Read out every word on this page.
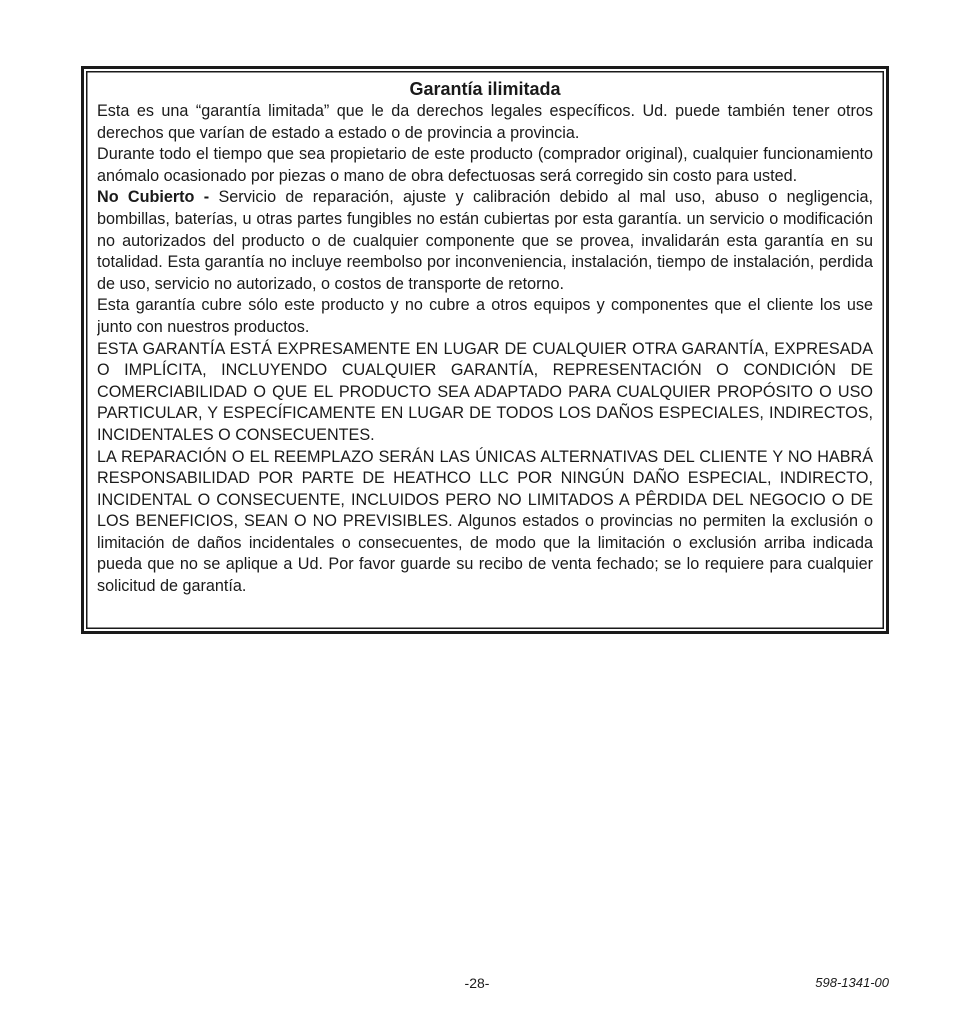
Garantía ilimitada

Esta es una “garantía limitada” que le da derechos legales específicos. Ud. puede también tener otros derechos que varían de estado a estado o de provincia a provincia.

Durante todo el tiempo que sea propietario de este producto (comprador original), cualquier funcionamiento anómalo ocasionado por piezas o mano de obra defectuosas será corregido sin costo para usted.

No Cubierto - Servicio de reparación, ajuste y calibración debido al mal uso, abuso o negligencia, bombillas, baterías, u otras partes fungibles no están cubiertas por esta garantía. un servicio o modificación no autorizados del producto o de cualquier componente que se provea, invalidarán esta garantía en su totalidad. Esta garantía no incluye reembolso por inconveniencia, instalación, tiempo de instalación, perdida de uso, servicio no autorizado, o costos de transporte de retorno.

Esta garantía cubre sólo este producto y no cubre a otros equipos y componentes que el cliente los use junto con nuestros productos.

ESTA GARANTÍA ESTÁ EXPRESAMENTE EN LUGAR DE CUALQUIER OTRA GARANTÍA, EXPRESADA O IMPLÍCITA, INCLUYENDO CUALQUIER GARANTÍA, REPRESENTACIÓN O CONDICIÓN DE COMERCIABILIDAD O QUE EL PRODUCTO SEA ADAPTADO PARA CUALQUIER PROPÓSITO O USO PARTICULAR, Y ESPECÍFICAMENTE EN LUGAR DE TODOS LOS DAÑOS ESPECIALES, INDIRECTOS, INCIDENTALES O CONSECUENTES.

LA REPARACIÓN O EL REEMPLAZO SERÁN LAS ÚNICAS ALTERNATIVAS DEL CLIENTE Y NO HABRÁ RESPONSABILIDAD POR PARTE DE HEATHCO LLC POR NINGÚN DAÑO ESPECIAL, INDIRECTO, INCIDENTAL O CONSECUENTE, INCLUIDOS PERO NO LIMITADOS A PÊRDIDA DEL NEGOCIO O DE LOS BENEFICIOS, SEAN O NO PREVISIBLES. Algunos estados o provincias no permiten la exclusión o limitación de daños incidentales o consecuentes, de modo que la limitación o exclusión arriba indicada pueda que no se aplique a Ud. Por favor guarde su recibo de venta fechado; se lo requiere para cualquier solicitud de garantía.

-28-	598-1341-00
